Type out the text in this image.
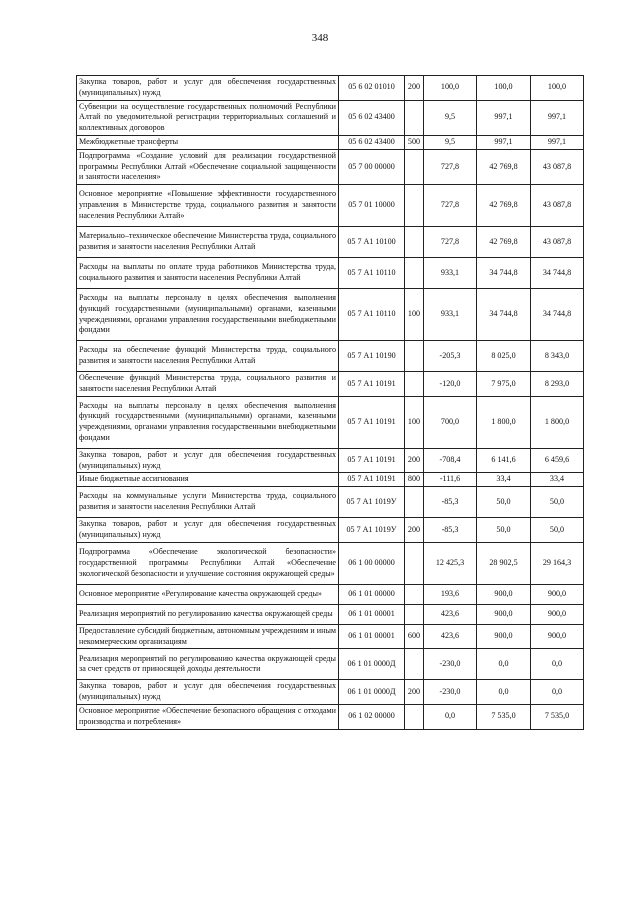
348
Закупка товаров, работ и услуг для обеспечения государственных (муниципальных) нужд	05 6 02 01010	200	100,0	100,0	100,0
Субвенции на осуществление государственных полномочий Республики Алтай по уведомительной регистрации территориальных соглашений и коллективных договоров	05 6 02 43400		9,5	997,1	997,1
Межбюджетные трансферты	05 6 02 43400	500	9,5	997,1	997,1
Подпрограмма «Создание условий для реализации государственной программы Республики Алтай «Обеспечение социальной защищенности и занятости населения»	05 7 00 00000		727,8	42 769,8	43 087,8
Основное мероприятие «Повышение эффективности государственного управления в Министерстве труда, социального развития и занятости населения Республики Алтай»	05 7 01 10000		727,8	42 769,8	43 087,8
Материально–техническое обеспечение Министерства труда, социального развития и занятости населения Республики Алтай	05 7 А1 10100		727,8	42 769,8	43 087,8
Расходы на выплаты по оплате труда работников Министерства труда, социального развития и занятости населения Республики Алтай	05 7 А1 10110		933,1	34 744,8	34 744,8
Расходы на выплаты персоналу в целях обеспечения выполнения функций государственными (муниципальными) органами, казенными учреждениями, органами управления государственными внебюджетными фондами	05 7 А1 10110	100	933,1	34 744,8	34 744,8
Расходы на обеспечение функций Министерства труда, социального развития и занятости населения Республики Алтай	05 7 А1 10190		-205,3	8 025,0	8 343,0
Обеспечение функций Министерства труда, социального развития и занятости населения Республики Алтай	05 7 А1 10191		-120,0	7 975,0	8 293,0
Расходы на выплаты персоналу в целях обеспечения выполнения функций государственными (муниципальными) органами, казенными учреждениями, органами управления государственными внебюджетными фондами	05 7 А1 10191	100	700,0	1 800,0	1 800,0
Закупка товаров, работ и услуг для обеспечения государственных (муниципальных) нужд	05 7 А1 10191	200	-708,4	6 141,6	6 459,6
Иные бюджетные ассигнования	05 7 А1 10191	800	-111,6	33,4	33,4
Расходы на коммунальные услуги Министерства труда, социального развития и занятости населения Республики Алтай	05 7 А1 1019У		-85,3	50,0	50,0
Закупка товаров, работ и услуг для обеспечения государственных (муниципальных) нужд	05 7 А1 1019У	200	-85,3	50,0	50,0
Подпрограмма «Обеспечение экологической безопасности» государственной программы Республики Алтай «Обеспечение экологической безопасности и улучшение состояния окружающей среды»	06 1 00 00000		12 425,3	28 902,5	29 164,3
Основное мероприятие «Регулирование качества окружающей среды»	06 1 01 00000		193,6	900,0	900,0
Реализация мероприятий по регулированию качества окружающей среды	06 1 01 00001		423,6	900,0	900,0
Предоставление субсидий бюджетным, автономным учреждениям и иным некоммерческим организациям	06 1 01 00001	600	423,6	900,0	900,0
Реализация мероприятий по регулированию качества окружающей среды за счет средств от приносящей доходы деятельности	06 1 01 0000Д		-230,0	0,0	0,0
Закупка товаров, работ и услуг для обеспечения государственных (муниципальных) нужд	06 1 01 0000Д	200	-230,0	0,0	0,0
Основное мероприятие «Обеспечение безопасного обращения с отходами производства и потребления»	06 1 02 00000		0,0	7 535,0	7 535,0
